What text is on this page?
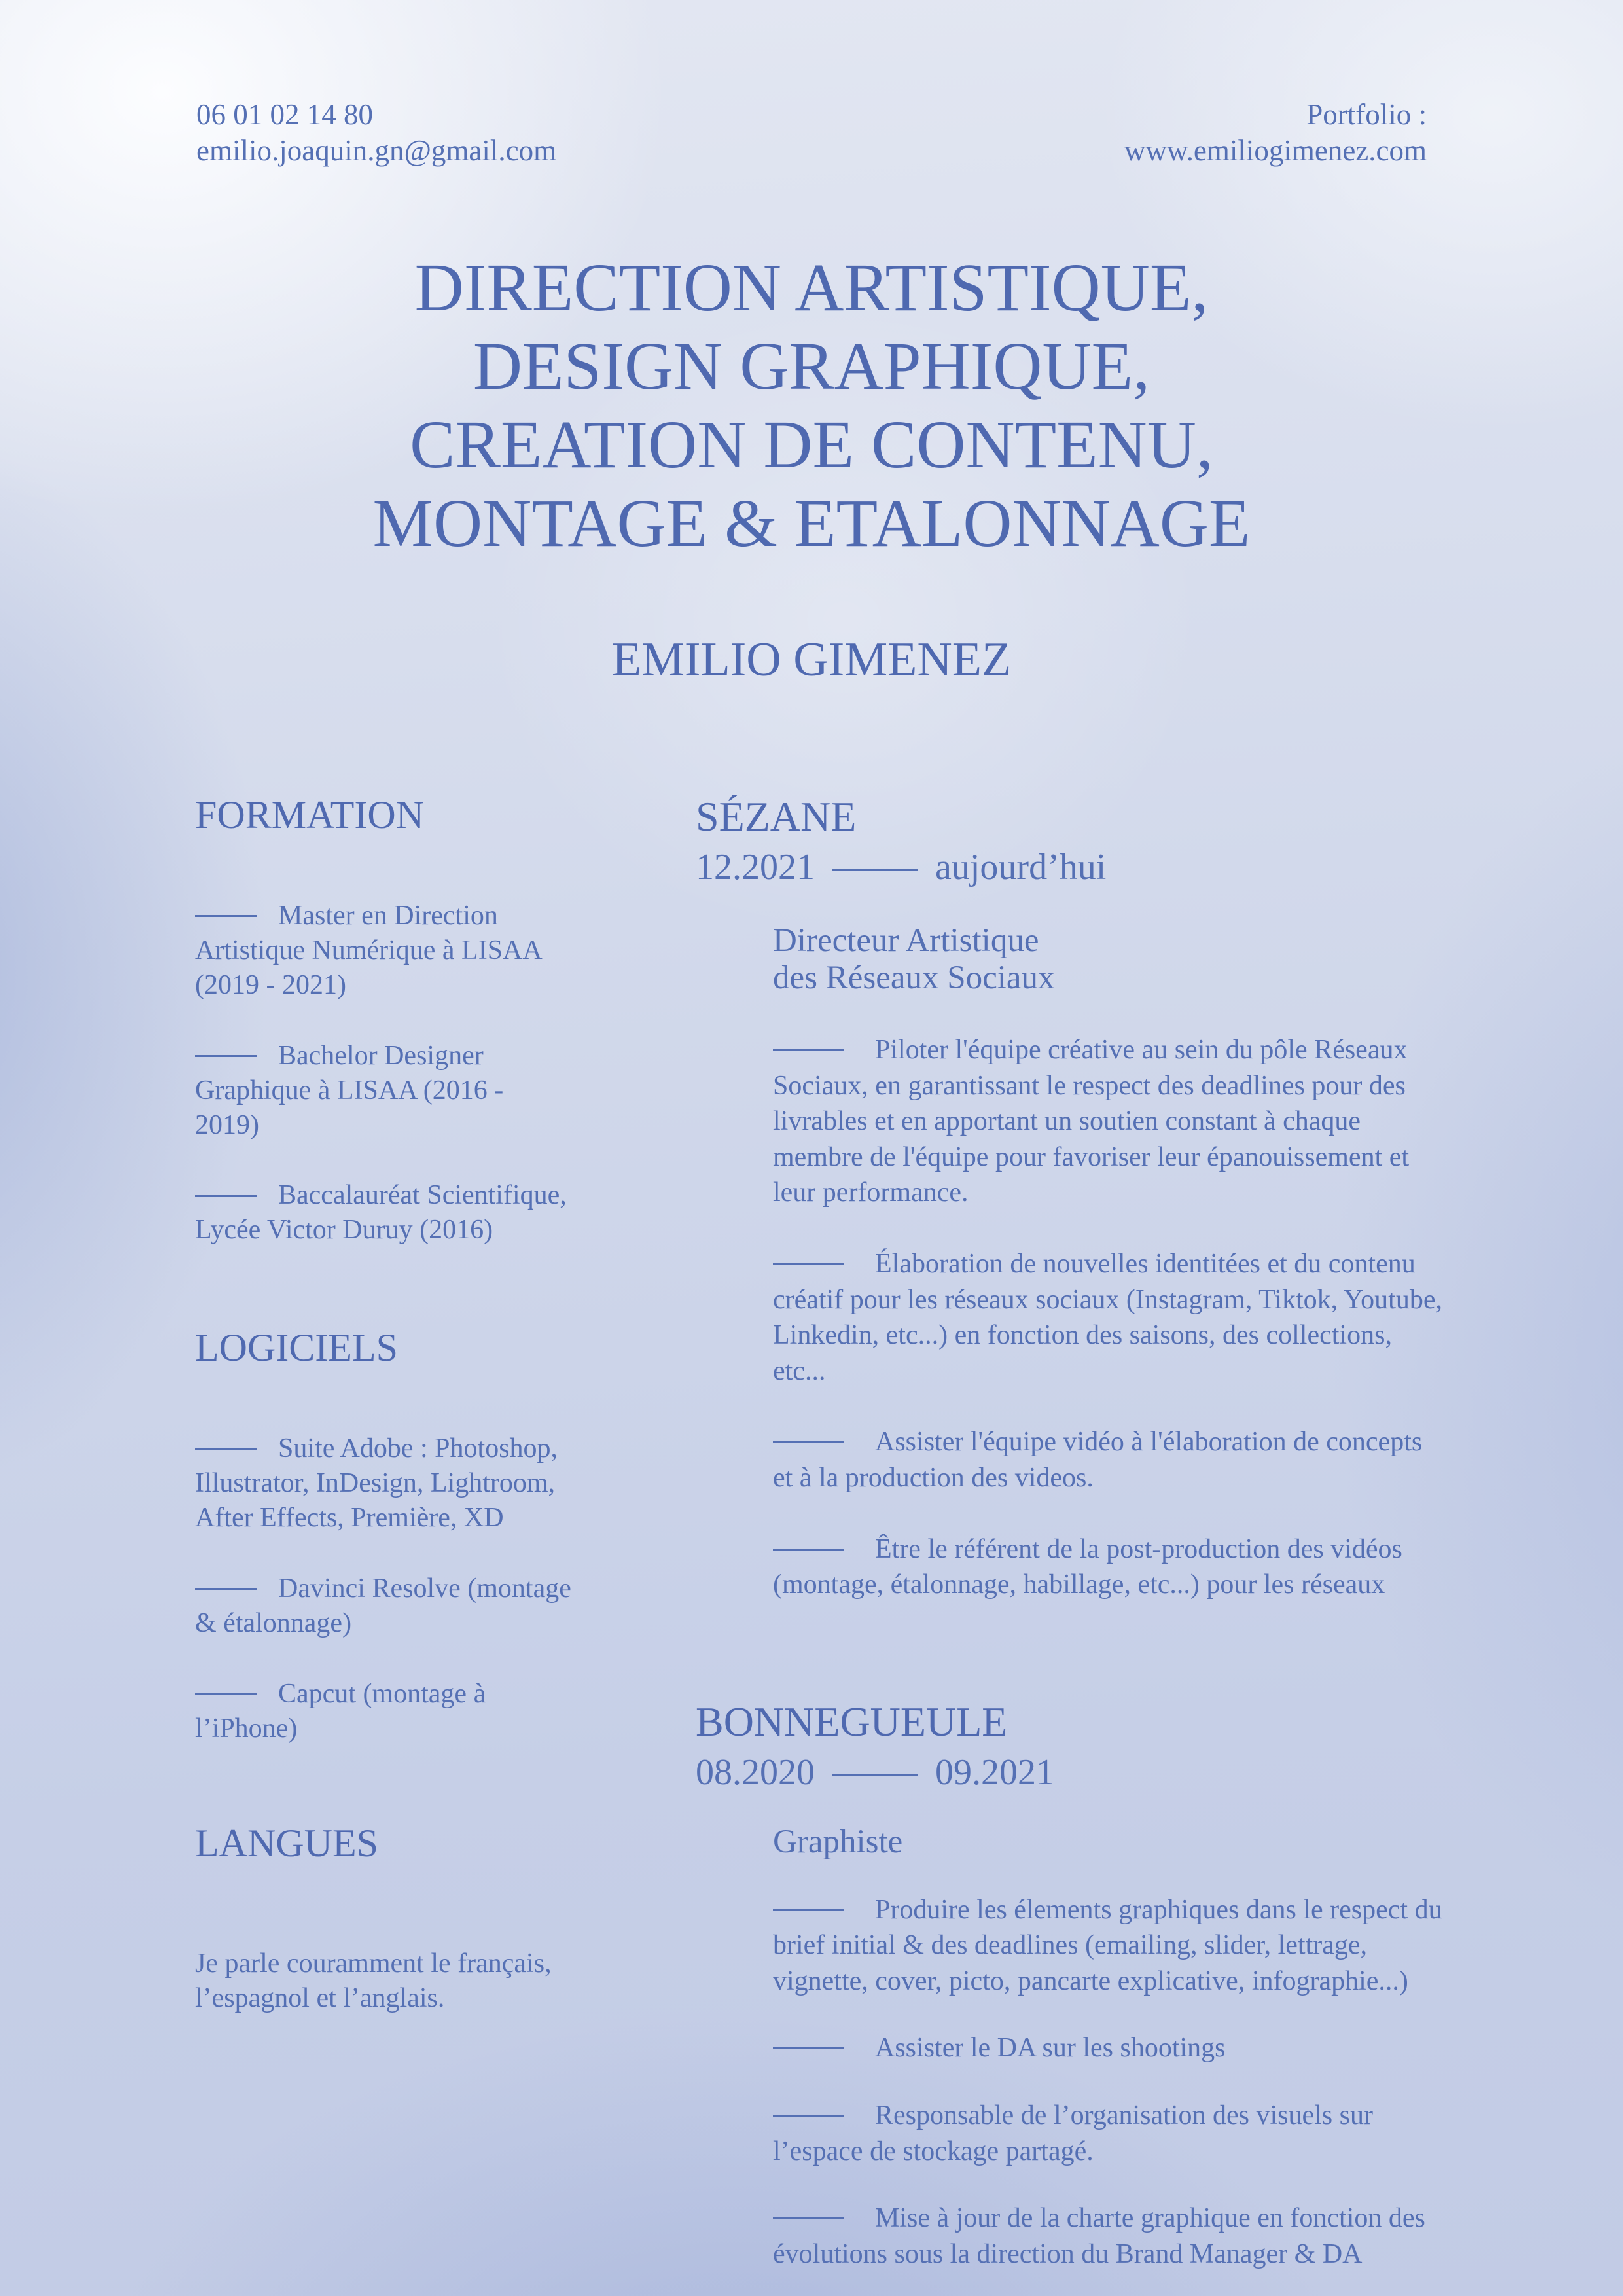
06 01 02 14 80
emilio.joaquin.gn@gmail.com
Portfolio :
www.emiliogimenez.com
DIRECTION ARTISTIQUE,
DESIGN GRAPHIQUE,
CREATION DE CONTENU,
MONTAGE & ETALONNAGE
EMILIO GIMENEZ
FORMATION

Master en Direction Artistique Numérique à LISAA (2019 - 2021)

Bachelor Designer Graphique à LISAA (2016 - 2019)

Baccalauréat Scientifique, Lycée Victor Duruy (2016)

LOGICIELS

Suite Adobe : Photoshop, Illustrator, InDesign, Lightroom, After Effects, Première, XD

Davinci Resolve (montage & étalonnage)

Capcut (montage à l’iPhone)

LANGUES

Je parle couramment le français, l’espagnol et l’anglais.

SÉZANE
12.2021	aujourd’hui
Directeur Artistique
des Réseaux Sociaux

Piloter l'équipe créative au sein du pôle Réseaux Sociaux, en garantissant le respect des deadlines pour des livrables et en apportant un soutien constant à chaque membre de l'équipe pour favoriser leur épanouissement et leur performance.

Élaboration de nouvelles identitées et du contenu créatif pour les réseaux sociaux (Instagram, Tiktok, Youtube, Linkedin, etc...) en fonction des saisons, des collections, etc...

Assister l'équipe vidéo à l'élaboration de concepts et à la production des videos.

Être le référent de la post-production des vidéos (montage, étalonnage, habillage, etc...) pour les réseaux

BONNEGUEULE
08.2020	09.2021
Graphiste

Produire les élements graphiques dans le respect du brief initial & des deadlines (emailing, slider, lettrage, vignette, cover, picto, pancarte explicative, infographie...)

Assister le DA sur les shootings

Responsable de l’organisation des visuels sur l’espace de stockage partagé.

Mise à jour de la charte graphique en fonction des évolutions sous la direction du Brand Manager & DA
